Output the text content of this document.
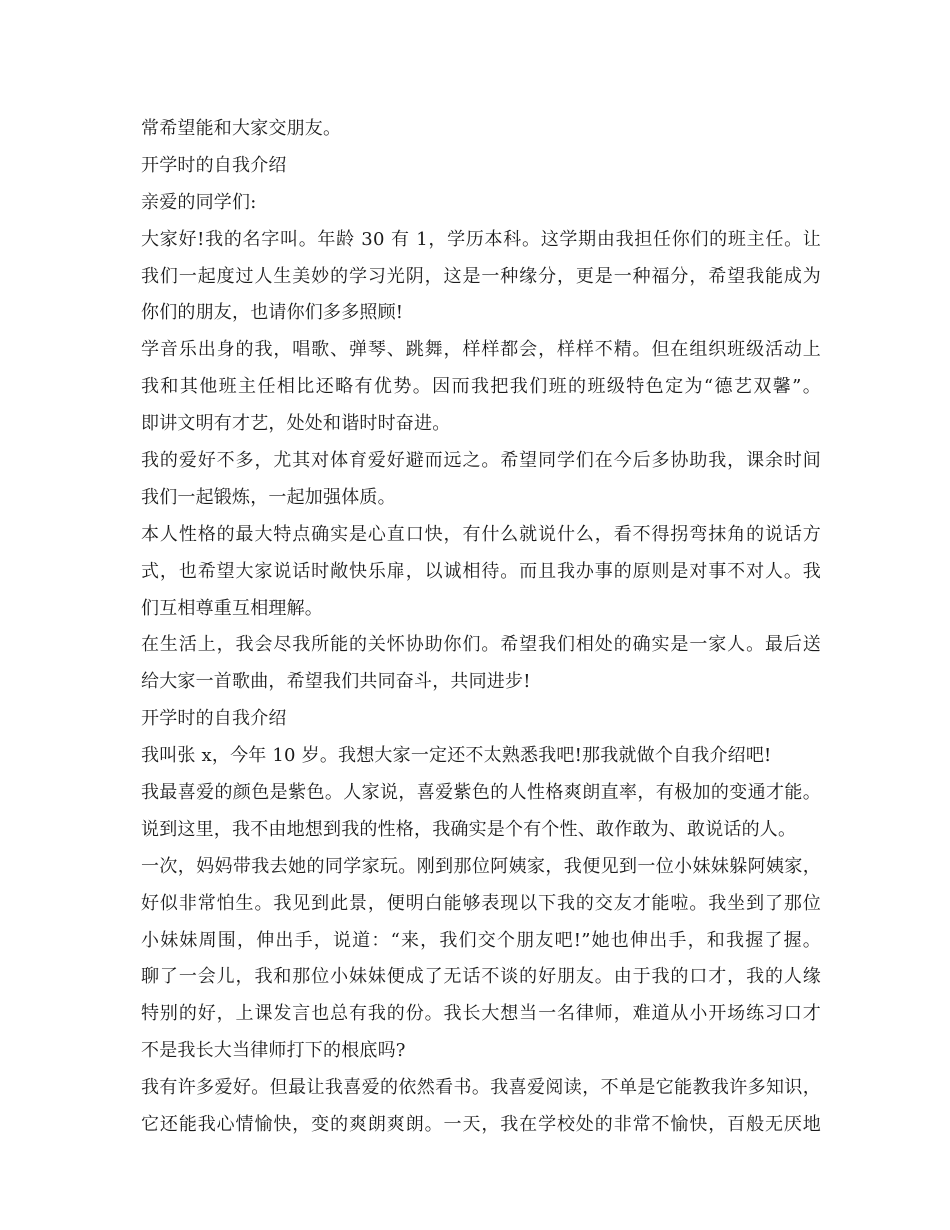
常希望能和大家交朋友。
开学时的自我介绍
亲爱的同学们:
大家好!我的名字叫。年龄 30 有 1，学历本科。这学期由我担任你们的班主任。让
我们一起度过人生美妙的学习光阴，这是一种缘分，更是一种福分，希望我能成为
你们的朋友，也请你们多多照顾!
学音乐出身的我，唱歌、弹琴、跳舞，样样都会，样样不精。但在组织班级活动上
我和其他班主任相比还略有优势。因而我把我们班的班级特色定为“德艺双馨”。
即讲文明有才艺，处处和谐时时奋进。
我的爱好不多，尤其对体育爱好避而远之。希望同学们在今后多协助我，课余时间
我们一起锻炼，一起加强体质。
本人性格的最大特点确实是心直口快，有什么就说什么，看不得拐弯抹角的说话方
式，也希望大家说话时敞快乐扉，以诚相待。而且我办事的原则是对事不对人。我
们互相尊重互相理解。
在生活上，我会尽我所能的关怀协助你们。希望我们相处的确实是一家人。最后送
给大家一首歌曲，希望我们共同奋斗，共同进步!
开学时的自我介绍
我叫张 x，今年 10 岁。我想大家一定还不太熟悉我吧!那我就做个自我介绍吧!
我最喜爱的颜色是紫色。人家说，喜爱紫色的人性格爽朗直率，有极加的变通才能。
说到这里，我不由地想到我的性格，我确实是个有个性、敢作敢为、敢说话的人。
一次，妈妈带我去她的同学家玩。刚到那位阿姨家，我便见到一位小妹妹躲阿姨家，
好似非常怕生。我见到此景，便明白能够表现以下我的交友才能啦。我坐到了那位
小妹妹周围，伸出手，说道：“来，我们交个朋友吧!”她也伸出手，和我握了握。
聊了一会儿，我和那位小妹妹便成了无话不谈的好朋友。由于我的口才，我的人缘
特别的好，上课发言也总有我的份。我长大想当一名律师，难道从小开场练习口才
不是我长大当律师打下的根底吗?
我有许多爱好。但最让我喜爱的依然看书。我喜爱阅读，不单是它能教我许多知识，
它还能我心情愉快，变的爽朗爽朗。一天，我在学校处的非常不愉快，百般无厌地
